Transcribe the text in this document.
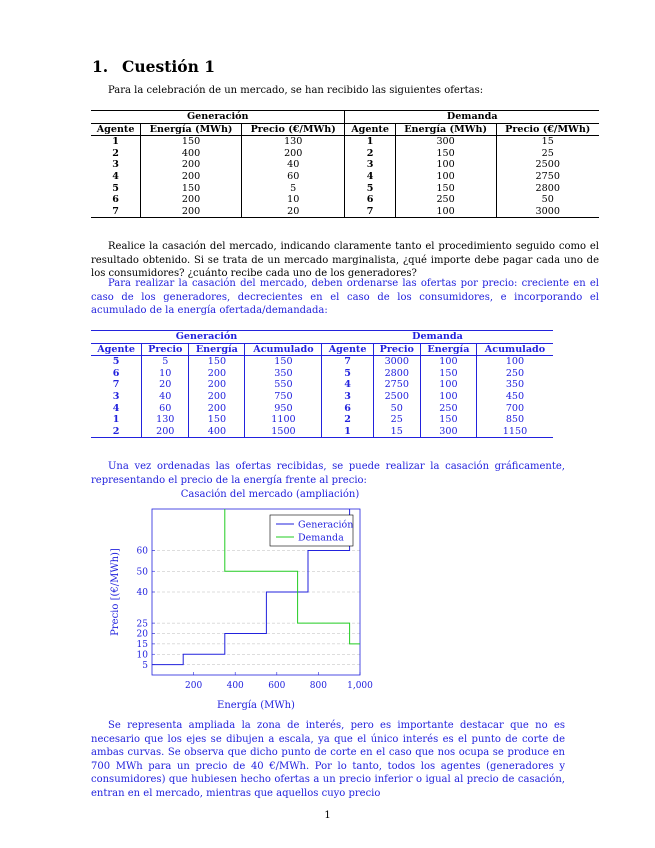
1. Cuestión 1
Para la celebración de un mercado, se han recibido las siguientes ofertas:
Generación			Demanda		
Agente	Energía (MWh)	Precio (€/MWh)	Agente	Energía (MWh)	Precio (€/MWh)
1	150	130	1	300	15
2	400	200	2	150	25
3	200	40	3	100	2500
4	200	60	4	100	2750
5	150	5	5	150	2800
6	200	10	6	250	50
7	200	20	7	100	3000
Realice la casación del mercado, indicando claramente tanto el procedimiento seguido como el resultado obtenido. Si se trata de un mercado marginalista, ¿qué importe debe pagar cada uno de los consumidores? ¿cuánto recibe cada uno de los generadores?
Para realizar la casación del mercado, deben ordenarse las ofertas por precio: creciente en el caso de los generadores, decrecientes en el caso de los consumidores, e incorporando el acumulado de la energía ofertada/demandada:
Generación				Demanda			
Agente	Precio	Energía	Acumulado	Agente	Precio	Energía	Acumulado
5	5	150	150	7	3000	100	100
6	10	200	350	5	2800	150	250
7	20	200	550	4	2750	100	350
3	40	200	750	3	2500	100	450
4	60	200	950	6	50	250	700
1	130	150	1100	2	25	150	850
2	200	400	1500	1	15	300	1150
Una vez ordenadas las ofertas recibidas, se puede realizar la casación gráficamente, representando el precio de la energía frente al precio:
Casación del mercado (ampliación)
5
10
15
20
25
40
50
60
200	400	600	800 1,000
Generación
Demanda
Energía (MWh)
Precio [(€/MWh)]
Se representa ampliada la zona de interés, pero es importante destacar que no es necesario que los ejes se dibujen a escala, ya que el único interés es el punto de corte de ambas curvas. Se observa que dicho punto de corte en el caso que nos ocupa se produce en 700 MWh para un precio de 40 €/MWh. Por lo tanto, todos los agentes (generadores y consumidores) que hubiesen hecho ofertas a un precio inferior o igual al precio de casación, entran en el mercado, mientras que aquellos cuyo precio
1
